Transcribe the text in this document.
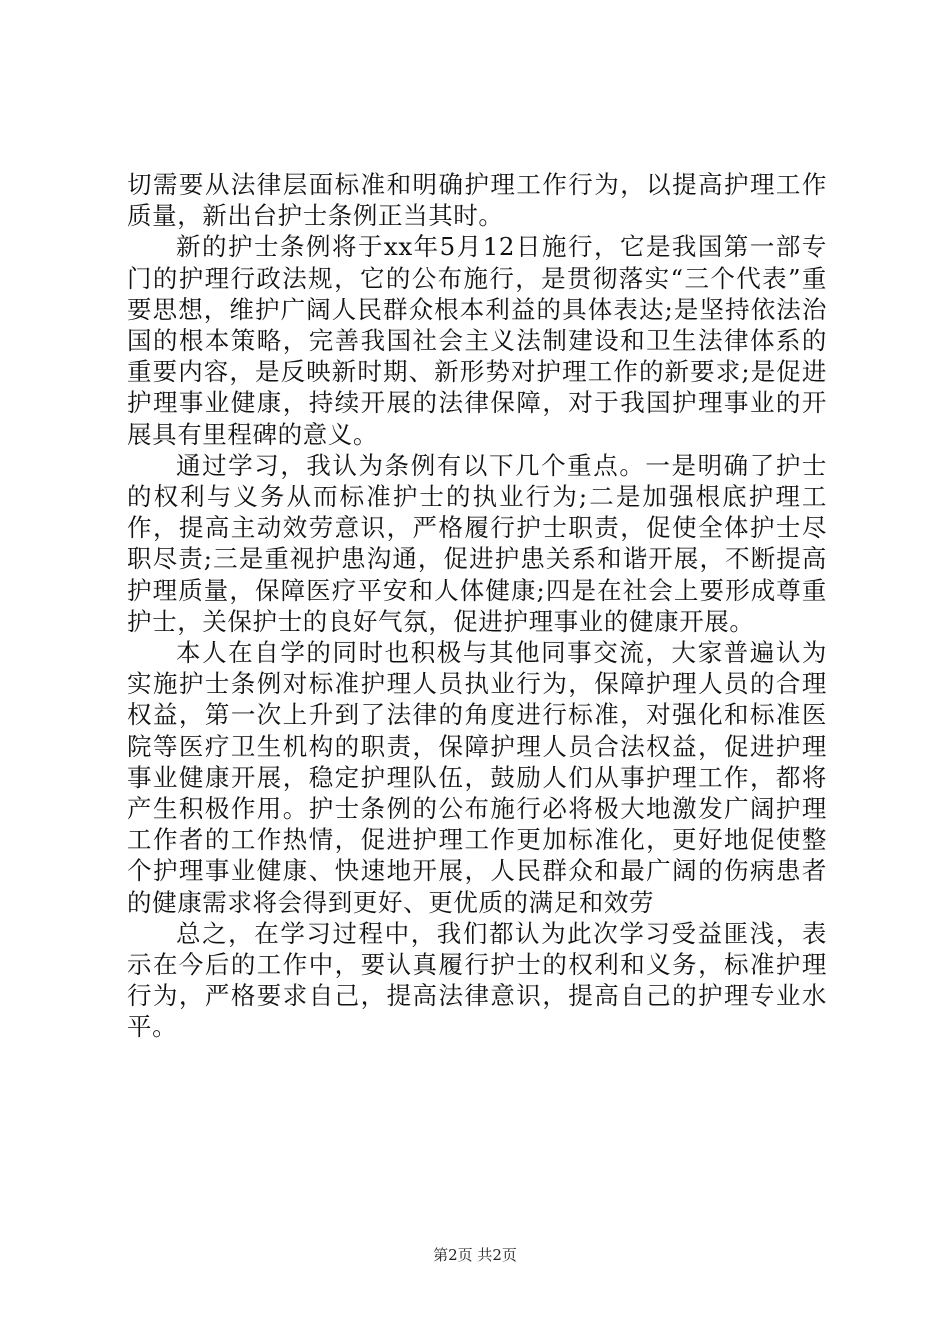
切需要从法律层面标准和明确护理工作行为，以提高护理工作质量，新出台护士条例正当其时。

新的护士条例将于xx年5月12日施行，它是我国第一部专门的护理行政法规，它的公布施行，是贯彻落实“三个代表”重要思想，维护广阔人民群众根本利益的具体表达;是坚持依法治国的根本策略，完善我国社会主义法制建设和卫生法律体系的重要内容，是反映新时期、新形势对护理工作的新要求;是促进护理事业健康，持续开展的法律保障，对于我国护理事业的开展具有里程碑的意义。

通过学习，我认为条例有以下几个重点。一是明确了护士的权利与义务从而标准护士的执业行为;二是加强根底护理工作，提高主动效劳意识，严格履行护士职责，促使全体护士尽职尽责;三是重视护患沟通，促进护患关系和谐开展，不断提高护理质量，保障医疗平安和人体健康;四是在社会上要形成尊重护士，关保护士的良好气氛，促进护理事业的健康开展。

本人在自学的同时也积极与其他同事交流，大家普遍认为实施护士条例对标准护理人员执业行为，保障护理人员的合理权益，第一次上升到了法律的角度进行标准，对强化和标准医院等医疗卫生机构的职责，保障护理人员合法权益，促进护理事业健康开展，稳定护理队伍，鼓励人们从事护理工作，都将产生积极作用。护士条例的公布施行必将极大地激发广阔护理工作者的工作热情，促进护理工作更加标准化，更好地促使整个护理事业健康、快速地开展，人民群众和最广阔的伤病患者的健康需求将会得到更好、更优质的满足和效劳

总之，在学习过程中，我们都认为此次学习受益匪浅，表示在今后的工作中，要认真履行护士的权利和义务，标准护理行为，严格要求自己，提高法律意识，提高自己的护理专业水平。

第2页 共2页
